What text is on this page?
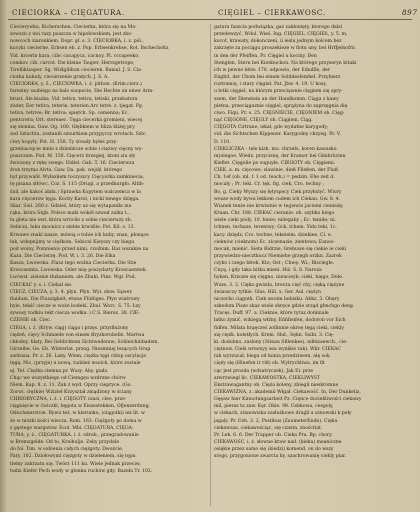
CIECIORKA – CIĘGATURA.	CIĘGIEL – CIERKAWOSC.	897
Ciecierywka, Kicherschen. Ciecierka, która się na Ma-
zowszu z wsi razy puszcza w hipołowskiem, jest zbo-
nowcoch ziaronkiem. Dopr. gł. s. 3. CIECIORKA, i. z. pól.,
kucyki ciecierne, Erbsen eb. z. Pop. Erbsenkrebse, Rot. Bschecholtz
Vid. krcerin kara, cibc cacapyca, cacnoy. Pl. cccapeeko,
comkov. cib. carcot. Die kleine Tauper, Herrzgetrope,
Tirelliktauper. Sg. Wiślgilihun ciecierek. Banial. J. S. Cia-
ciorka kukuły, ciecierzenie grałych. J. S. A.
CIECIÓRKA, y. 5., CIECIÓWKA, i. ż. pithon. (Krim.cierz.)
fureziny ssabiego na kalo suopocie, Die Hechte an einer Arm-
brust. Ale kiszka. Vid. tetiva, tetiva, tetiski, przebatora
ziuter, Eer tetiva, teterie, teterien Arc tetre. z. tjegat. Pg.
tetiva, tetrive; Br. tetiva; spiętch. Sp. cemenna; Ec.
pentcrera; Ort. stereaec. Tęga ciecerka gromieni, wiecej
się słonina. Gaw. Og. 100. Głębkiem w bliza bliżej pry
zod Szlachta, zostanili sznurkiem przypyczy wrotach. Szlc.
ciwy kopyły. Pot. H. 158. Ty śready byłeś przy-
grzebiacejcie mnie z dziedzicze sobie i ciężwy cięcny wy-
puszczam. Pod. M. 150. Cięcerz brzegiej, ktoni siu sły
źwiczony z rękę swego. Eldiel. Gab. T. 16. Ciecierwza
źron trzyma Alvta. Gaw. Da. pak. wejdź, którego
był przywalił. Wyłazilem toczyszcy Cięcyorka zamkniecia,
tę pisana stłówc. Coz. S. 115 (Drugi, a przedkurgło. Altih-
śnil, ale kakoś ałała.) Sprawka Kopytem walczemca w la
kara cięcierzw tęga. Kocby Karol, i nicki tenego dzięga.
Skar. Siel. 260 z. Gdzieś, który aż się wytapaniła mu
rąka, która Stgh. Polsce maki wokół szwed zalka t...
ta gleta nie iest, która wróciło z sobie ciecierwzy zb.
Sebicni, luku mocnicz z siebie krwiślie. Pot. Kil. s. 13.
Krwawe znaki nasze, mówią o tobie ich kuby, znan, płonące
łuk, wdepnijmy w ciężkom. Sebicni Kieyszy czy biegu
pod woiny. Pomnienio przed nimi, czoźnim. Raz wszakze na
Kaza. Die Ciecierzę. Pod. W. i. 3. 26. Die Elka
Kasza, Lwowska. Flasz tego woźna Ciecierka. Die Stie
Kroscaemta. Lwowska. Oder mię poszydarty Kroscaemtek.
Lwówsł. zielonie tłukaniem, ale Zbuki. Pinz. Wgr. Pod.
CIECKAC y. s. i. Ciekał sie.
CIECZ, CIECZA, y. 3. 4. plyn. Płyn. Wyi. słow. Sąwer,
fluidum, Die Fluszigkeit, etwas Flüßiges. Płyn wiatrowy
byle, tekść ciecze w woże bodeki. Zbul. Worc. S. 75. Łzy
sywosy rodkiu tekt ciecza wodka. i C.S. Bieroz. 38. CIE-
CZENIE ob. Ciec.
CIEGA, i. ż. (Kryw. ciąg) ciąga i przęs. przydłużony
ciężeń, cięcy Schmiede von einem Bryzkorobelle. Martwa
chłodny, blaty, Bei Geblichtem Sichtwedenne, Schleichinbadem,
Girzelbe, Ge. Eb. Winterlat. przog. Niezmniej lezących Grup
sarkusia. Pr. z. 26. Laby. Wiem, ciężka tęgi chłop oscylacje
tęgą. Nic, (przyje) u nową, tudzież wsoich, które zostaie
ej. Tet. Ciężka ciemna pr. Wszy. Aby. gudz.
Chąc we wszystkiego od Ciemgęu wzdrzne chórw
Niem. Kap. 8. z. 11. Żuk ż wyd. Oprzy ciepryce. (Go.
Zorwi. ciężkie) Wzizieł Krzyształ zmądżony w ściany
CHRIORYCZNA, i. ż. i. CIĘGOTY czasi, cleo, prze-
ciągnięcie w ćwiczki, bęgota w Eiszestekken, Ofjenzerdung,
Oduchnierstvie. Bywa też, w kierunku, (ciągotki) ież lit. w
że w mózki kości wiecza. Rom. 163. Ciężgoty po doma w
z gęstego wargotów. Ecol. Mbi. CIĘGATURA, CIĘGA-
TURA, y. ż., CIĘGATURKA, i. ż. zdrob., przegradowanie
w Bremzgelde. Od to, Kreihulje. Żeby przydale
do fol. Tim. w sobienia całych ciężgoty. Dwożcie.
Fary. 102. Dziołowymi ciężgoty w dzieleniem, się tępu
tlemy zakrzatu się. Twórz 111 ku. Wiele jednak przeciw,
tudzi Kiefer Pech wody w głonku ruchów gdy. Bazeła Tr. 102.
gatura faszcia podwiązka, gaz zakłonięty, ktorego dalsi
przedewzyć. Wdol. Wieś. Ing. CIĘGIEL, CIĘGIEŁ, y. 5. m.
kocot, krawaty, dokonczeni, ii ieslu jednym kolcem bez
zakrzęte za pociągu proszekieze w fiotu uny, bel Hrffjefsofrn
in den der Pfeiffen. Pr. Cięgiel u kociny, Den
Stenglen, Stern bei Kienbuckon. Na którego przyseryn bitaki
ich w pewne kłów. 170. odpowio, der Edndlle, der
Enghit, der Chom bei einem Sohblesfemhel. Przybierz
roztramię, i stary cięgiel. Pat. Jbw. 4. 19. U kosy,
u łotki cięgiel, na którym przeciąwnie cięgiem się spry-
szem, der Dienstein an der Handkomm. Ciąga z kawy
pletna, przeciągaznie cięgiel, sprążyna do zaprzęgnia dię
ciwo. Fiqu. Pr. s. 25. CIĘGNIECIE, CIĘGNIEM ob. Cięg-
nąć CIĘGONE, CIĘGLY ob. Ciągiem, Ciąg.
CIĘGOTA Cirtrane, iskał, gdo wydatne karygody;
vid. die Sichtschen Kippener. Karygodny chzyeg. Pr. V.
D. 110.
CIEKLICZKA - tele kizh. mo. chrzeło, koren kawasku
myslegoe. Wiedz. przycisnę, der Kramer bei Gimbrüclen
Kieflet. Cięgolie po suguyłe. CIEGOTY ob. Cięgiemi.
CIEK, a. m. cięcowe, slawinie, dieß Fließen, der Fluß.
Ch. 1ef (ob. ml. 1 1 od. teach.) = pedzin. Ehe zeit d.
mocaly ; Pr. teki. Cr. tęk. fig. ciek, Cro. techny ;
Bo, g. Cieky Wyszy się łętyspecy Ciek przyłożyć. Wlory
wosze wody bywa lekkom cudem ich Ciekan. Gw. 8. 4.
Wianek tenże nie krwiwnie w tegiswio jaciemi cienieżę;
Kraan. Chr. 188. CIEKAC cieranie. ob. szybko kiego
wiele cieki pódy, 10. bieże; nidegaby ; Ec. tenide; ni.
tchnen, techaze, tereniwy; Gck. tchem. Yido teki, 1c.
kacy. dziędz; Cro. techne, tekeieim. dziekiee. Ci. e.
cieknów (cieknom) Ec. ziczenazie, zientowa; Eanos-
mocak, mienic. Sieta Bidrzie, Grebuwe się ciekie ie cieki
przywiedzo-niecztkucz Niemiehe grzegh orzkn. Zazrek
czyko i czego łdrek. Kto; Ost ; Chwę. Wi.; Bisciegłe.
Cnyą, i gdy taka bitka mieni. Hiż. S. 8. Naroza
hyken, Krzozie się cięgno, nieucieyk; cieki, hięgo, Dołe.
Wsze, 3. 2, Cięka gwizda, brecza cięć chy, cięką ciężyne
świaszczy tytkie. Glas. Hill. x, Ger. Aul. ciężyn
niczorko ciągutk. Ciek swoim bebisku. Abkz, 3. Obęry
szkodom Pisze skaz wiele skręce gdzie srząd gbnchgo deng.
Tracęs. Duff. 97. a. Cieknie, które tyraz dominale
łatko żymić, wikiegą włżny, Eńńfieifen, dodorob vor Eich
fidfen. Miłata hrąęcześ zollinnie okroę tegą cieki, ciekly
się ciężk. kołotłych. Krem. Sbd., Sękn. Ssibi. 3. Cię-
ki. dodobno, zaslony (Stinan Sfilenkes), ndbizaewch., cie-
ciętnow. Cieki wreznyy sea wynikie rak). Wkr. CIEKAC
tak wyrzucał, biega od konia przedziwem, alę sok.
cięży się (Hinefen ir riß) ob. Wytrychliwa, im fit
cąc jest prozda (wdzatryczek), Jak Ei. prze
szwrzwiegl lic. CIEKAWOSTKA, CIEKLIWYST
Ekstrawagantny ob. Cięża koleny, zbiegli nieskromne
CIEKAWIZNA, z. akademii Włgał. Ciekawość. In, Der Dunkeliz,
Gęęaw hier Kinuotungsarbeit Pz. Cięnce dociekliwości ciekawy
mil, pieraz ta zaw. Kęr. Okie. 98. Cebkowa, cesgoly,
w ciekach, stanowiska zasłużkowe dragli a sznowski k poły
jagaly. Pr. Ćeh. 3. 2, Postibus (ZaumeterEnde). Cięka
ciekawsza, ciekawościąc, się czasta, znościtat.
Pr. Lek. 6. 6. Der Trapper ob. Cieka Pra. Bp. chory.
CIEKAWOSC, i. ż. słowne kraw nad. (kieka) meaniczne
osiękie przez samo się (kiedzi) komend, on do wszy
srogo, przygonione zwarcia by, szachrowanię ciekly piar.
